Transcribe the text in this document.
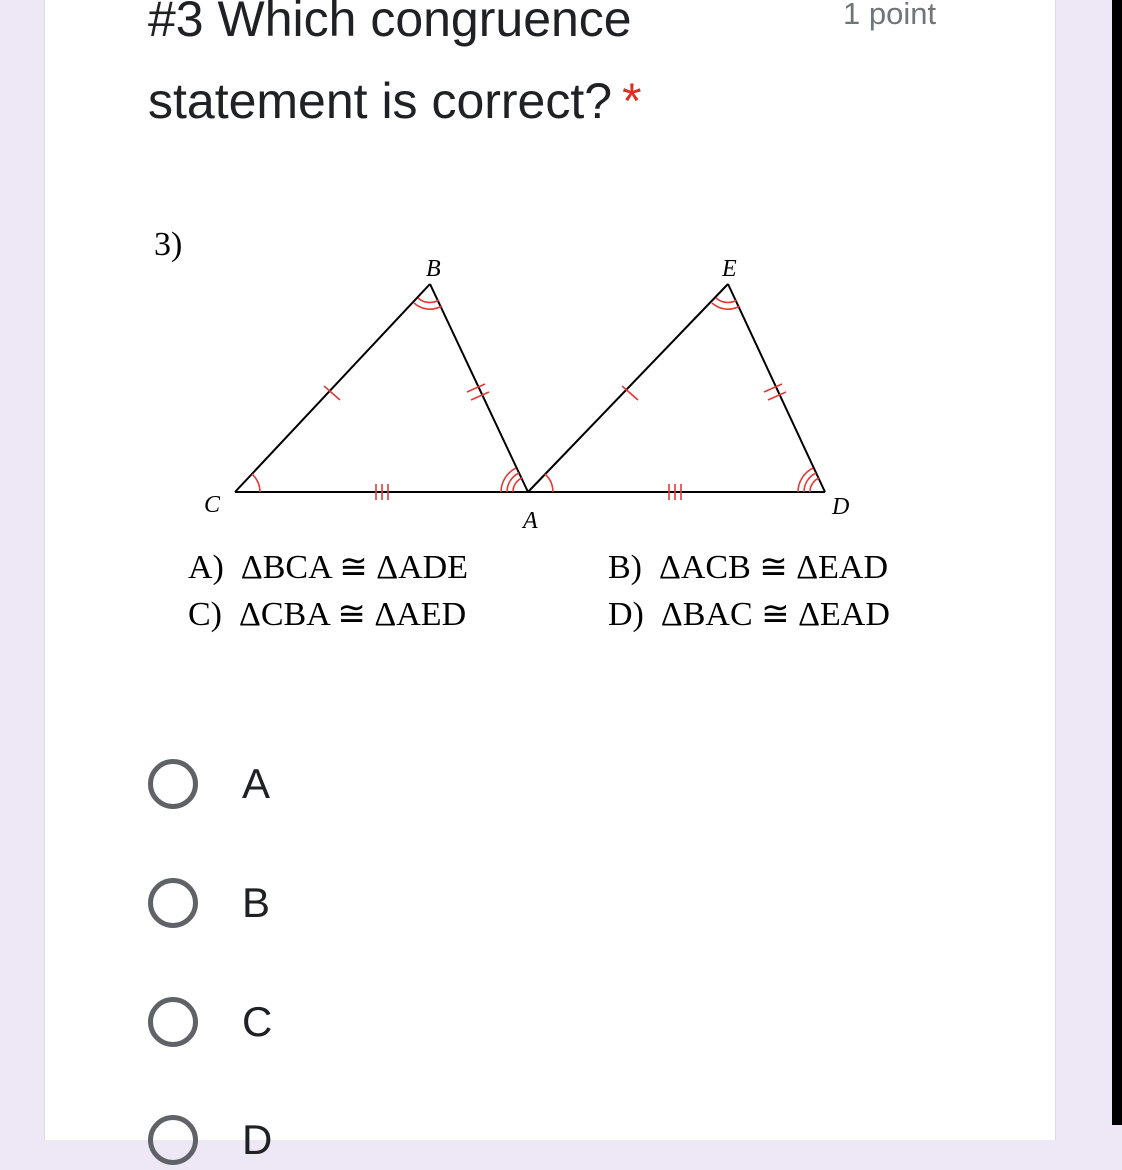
#3 Which congruence statement is correct? *
1 point
3)
B	E
C
A
D
A)  ΔBCA ≅ ΔADE	B)  ΔACB ≅ ΔEAD
C)  ΔCBA ≅ ΔAED	D)  ΔBAC ≅ ΔEAD
A
B
C
D
